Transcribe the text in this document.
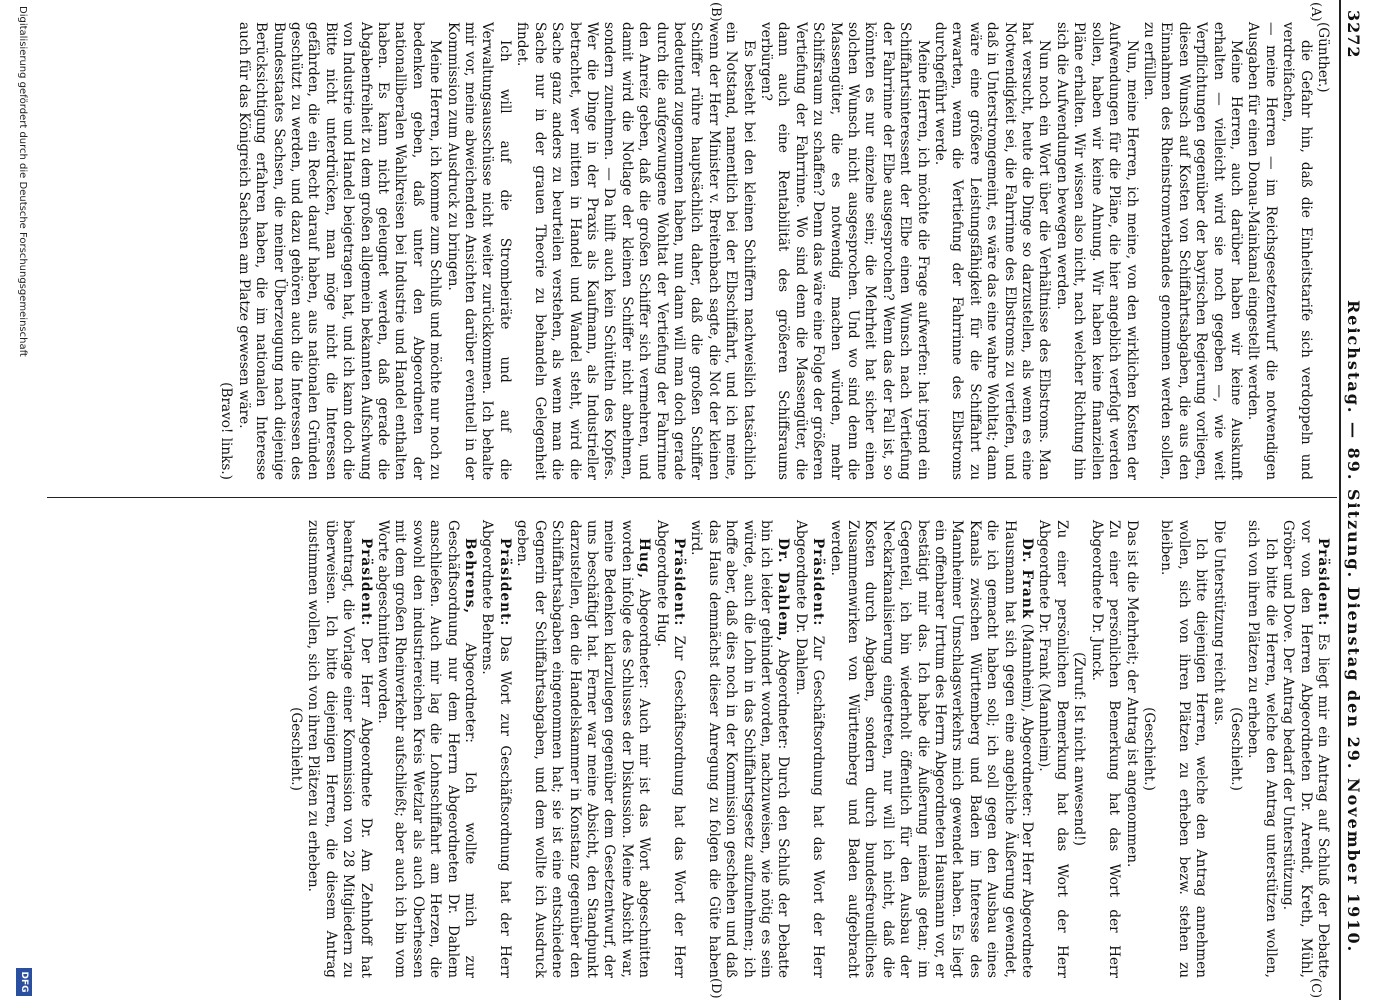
3272
Reichstag. — 89. Sitzung. Dienstag den 29. November 1910.
(A)
(B)
(C)
(D)

(Günther.)

die Gefahr hin, daß die Einheitstarife sich verdoppeln und verdreifachen,

— meine Herren — im Reichsgesetzentwurf die notwendigen Ausgaben für einen Donau-Mainkanal eingestellt werden.

Meine Herren, auch darüber haben wir keine Auskunft erhalten — vielleicht wird sie noch gegeben —, wie weit Verpflichtungen gegenüber der bayrischen Regierung vorliegen, diesen Wunsch auf Kosten von Schiffahrtsabgaben, die aus den Einnahmen des Rheinstromverbandes genommen werden sollen, zu erfüllen.

Nun, meine Herren, ich meine, von den wirklichen Kosten der Aufwendungen für die Pläne, die hier angeblich verfolgt werden sollen, haben wir keine Ahnung. Wir haben keine finanziellen Pläne erhalten. Wir wissen also nicht, nach welcher Richtung hin sich die Aufwendungen bewegen werden.

Nun noch ein Wort über die Verhältnisse des Elbstroms. Man hat versucht, heute die Dinge so darzustellen, als wenn es eine Notwendigkeit sei, die Fahrrinne des Elbstroms zu vertiefen, und daß in Unterstromgemeint, es wäre das eine wahre Wohltat; dann wäre eine größere Leistungsfähigkeit für die Schiffahrt zu erwarten, wenn die Vertiefung der Fahrrinne des Elbstroms durchgeführt werde.

Meine Herren, ich möchte die Frage aufwerfen: hat irgend ein Schiffahrtsinteressent der Elbe einen Wunsch nach Vertiefung der Fahrrinne der Elbe ausgesprochen? Wenn das der Fall ist, so könnten es nur einzelne sein; die Mehrheit hat sicher einen solchen Wunsch nicht ausgesprochen. Und wo sind denn die Massengüter, die es notwendig machen würden, mehr Schiffsraum zu schaffen? Denn das wäre eine Folge der größeren Vertiefung der Fahrrinne. Wo sind denn die Massengüter, die dann auch eine Rentabilität des größeren Schiffsraums verbürgen?

Es besteht bei den kleinen Schiffern nachweislich tatsächlich ein Notstand, namentlich bei der Elbschiffahrt, und ich meine, wenn der Herr Minister v. Breitenbach sagte, die Not der kleinen Schiffer rühre hauptsächlich daher, daß die großen Schiffer bedeutend zugenommen haben, nun dann will man doch gerade durch die aufgezwungene Wohltat der Vertiefung der Fahrrinne den Anreiz geben, daß die großen Schiffer sich vermehren, und damit wird die Notlage der kleinen Schiffer nicht abnehmen, sondern zunehmen. — Da hilft auch kein Schütteln des Kopfes. Wer die Dinge in der Praxis als Kaufmann, als Industrieller betrachtet, wer mitten in Handel und Wandel steht, wird die Sache ganz anders zu beurteilen verstehen, als wenn man die Sache nur in der grauen Theorie zu behandeln Gelegenheit findet.

Ich will auf die Strombeiräte und auf die Verwaltungsausschüsse nicht weiter zurückkommen. Ich behalte mir vor, meine abweichenden Ansichten darüber eventuell in der Kommission zum Ausdruck zu bringen.

Meine Herren, ich komme zum Schluß und möchte nur noch zu bedenken geben, daß unter den Abgeordneten der nationalliberalen Wahlkreisen bei Industrie und Handel enthalten haben. Es kann nicht geleugnet werden, daß gerade die Abgabenfreiheit zu dem großen allgemein bekannten Aufschwung von Industrie und Handel beigetragen hat, und ich kann doch die Bitte nicht unterdrücken, man möge nicht die Interessen gefährden, die ein Recht darauf haben, aus nationalen Gründen geschützt zu werden, und dazu gehören auch die Interessen des Bundesstaates Sachsen, die meiner Überzeugung nach diejenige Berücksichtigung erfahren haben, die im nationalen Interesse auch für das Königreich Sachsen am Platze gewesen wäre.

(Bravo! links.)

Präsident: Es liegt mir ein Antrag auf Schluß der Debatte vor von den Herren Abgeordneten Dr. Arendt, Kreth, Mühl, Gröber und Dove. Der Antrag bedarf der Unterstützung.

Ich bitte die Herren, welche den Antrag unterstützen wollen, sich von ihren Plätzen zu erheben.

(Geschieht.)

Die Unterstützung reicht aus.

Ich bitte diejenigen Herren, welche den Antrag annehmen wollen, sich von ihren Plätzen zu erheben bezw. stehen zu bleiben.

(Geschieht.)

Das ist die Mehrheit; der Antrag ist angenommen.

Zu einer persönlichen Bemerkung hat das Wort der Herr Abgeordnete Dr. Junck.

(Zuruf: Ist nicht anwesend!)

Zu einer persönlichen Bemerkung hat das Wort der Herr Abgeordnete Dr. Frank (Mannheim).

Dr. Frank (Mannheim), Abgeordneter: Der Herr Abgeordnete Hausmann hat sich gegen eine angebliche Äußerung gewendet, die ich gemacht haben soll; ich soll gegen den Ausbau eines Kanals zwischen Württemberg und Baden im Interesse des Mannheimer Umschlagsverkehrs mich gewendet haben. Es liegt ein offenbarer Irrtum des Herrn Abgeordneten Hausmann vor, er bestätigt mir das. Ich habe die Äußerung niemals getan; im Gegenteil, ich bin wiederholt öffentlich für den Ausbau der Neckarkanalisierung eingetreten, nur will ich nicht, daß die Kosten durch Abgaben, sondern durch bundesfreundliches Zusammenwirken von Württemberg und Baden aufgebracht werden.

Präsident: Zur Geschäftsordnung hat das Wort der Herr Abgeordnete Dr. Dahlem.

Dr. Dahlem, Abgeordneter: Durch den Schluß der Debatte bin ich leider gehindert worden, nachzuweisen, wie nötig es sein würde, auch die Lohn in das Schiffahrtsgesetz aufzunehmen; ich hoffe aber, daß dies noch in der Kommission geschehen und daß das Haus demnächst dieser Anregung zu folgen die Güte haben wird.

Präsident: Zur Geschäftsordnung hat das Wort der Herr Abgeordnete Hug.

Hug, Abgeordneter: Auch mir ist das Wort abgeschnitten worden infolge des Schlusses der Diskussion. Meine Absicht war, meine Bedenken klarzulegen gegenüber dem Gesetzentwurf, der uns beschäftigt hat. Ferner war meine Absicht, den Standpunkt darzustellen, den die Handelskammer in Konstanz gegenüber den Schiffahrtsabgaben eingenommen hat; sie ist eine entschiedene Gegnerin der Schiffahrtsabgaben, und dem wollte ich Ausdruck geben.

Präsident: Das Wort zur Geschäftsordnung hat der Herr Abgeordnete Behrens.

Behrens, Abgeordneter: Ich wollte mich zur Geschäftsordnung nur dem Herrn Abgeordneten Dr. Dahlem anschließen. Auch mir lag die Lohnschiffahrt am Herzen, die sowohl den industriereichen Kreis Wetzlar als auch Oberhessen mit dem großen Rheinverkehr aufschließt; aber auch ich bin vom Worte abgeschnitten worden.

Präsident: Der Herr Abgeordnete Dr. Am Zehnhoff hat beantragt, die Vorlage einer Kommission von 28 Mitgliedern zu überweisen. Ich bitte diejenigen Herren, die diesem Antrag zustimmen wollen, sich von ihren Plätzen zu erheben.

(Geschieht.)

Digitalisierung gefördert durch die Deutsche Forschungsgemeinschaft
DFG
